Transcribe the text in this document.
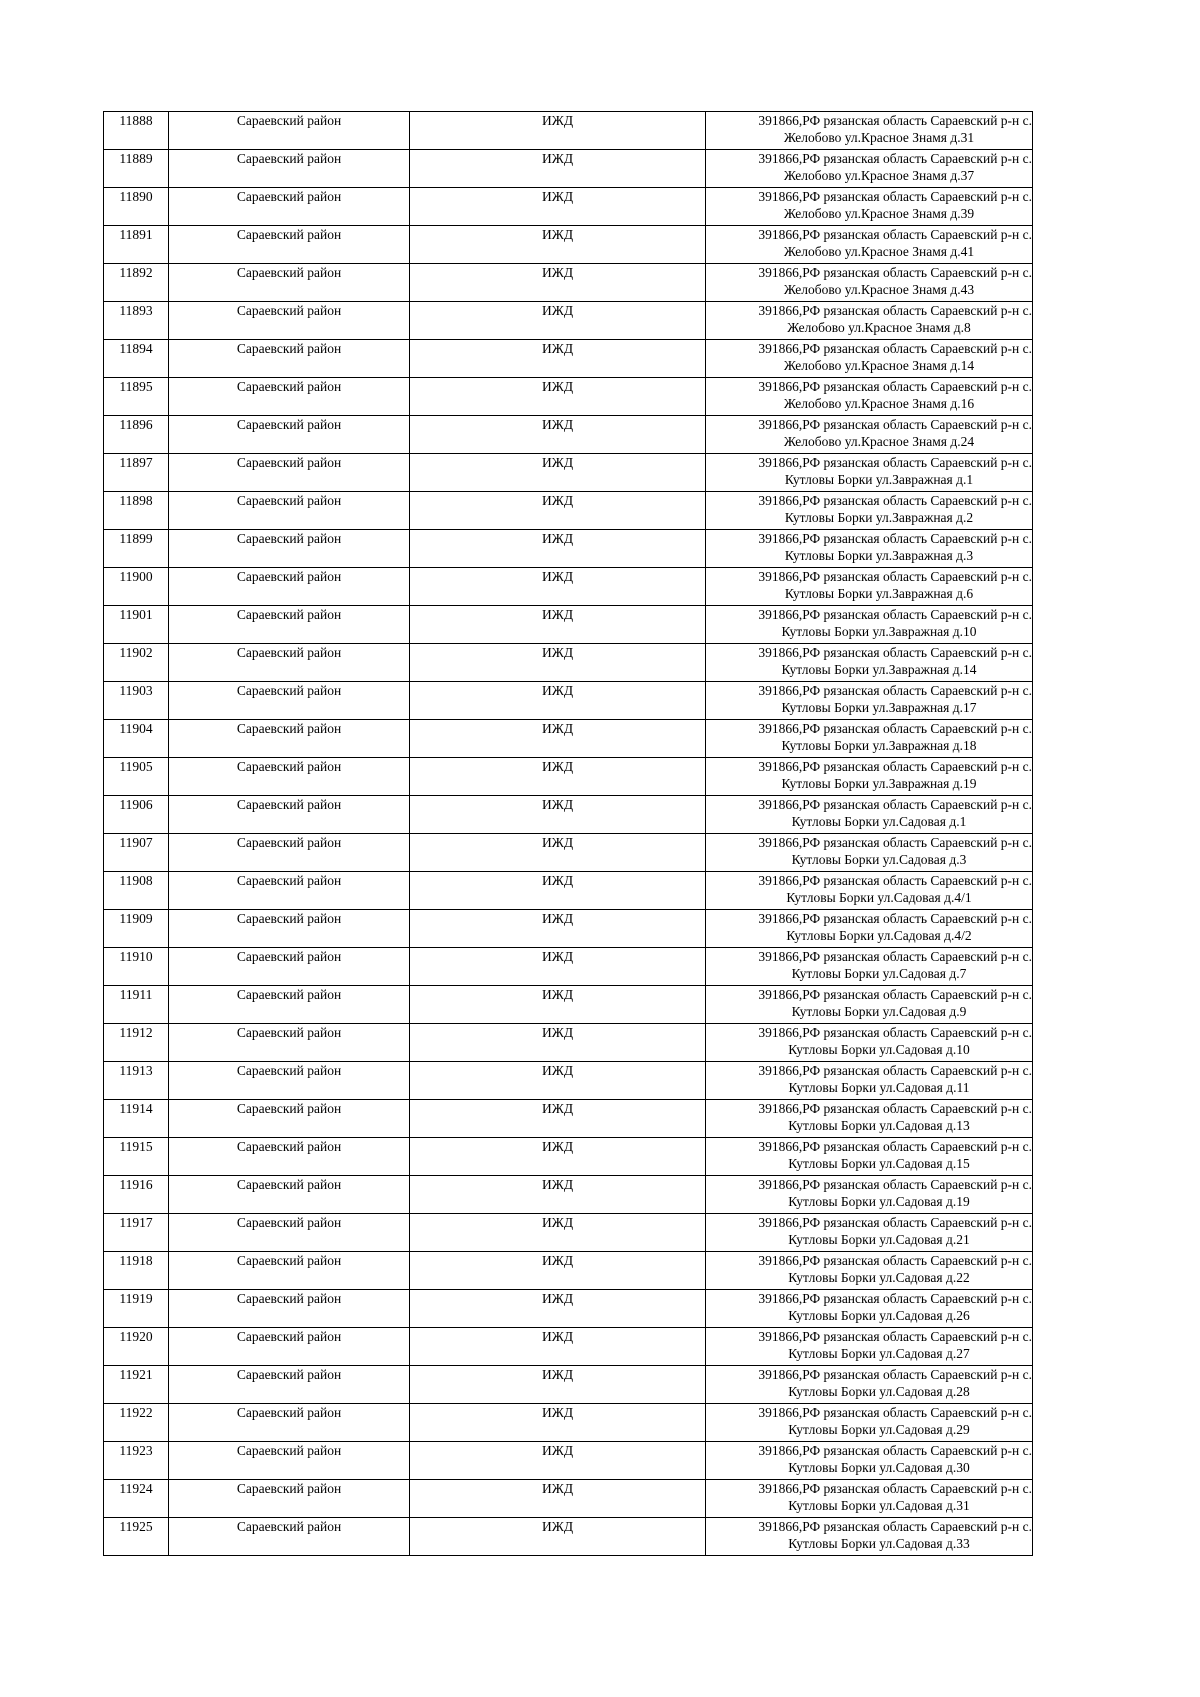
11888	Сараевский район	ИЖД	391866,РФ рязанская область Сараевский р-н с.
Желобово ул.Красное Знамя д.31

11889	Сараевский район	ИЖД	391866,РФ рязанская область Сараевский р-н с.
Желобово ул.Красное Знамя д.37

11890	Сараевский район	ИЖД	391866,РФ рязанская область Сараевский р-н с.
Желобово ул.Красное Знамя д.39

11891	Сараевский район	ИЖД	391866,РФ рязанская область Сараевский р-н с.
Желобово ул.Красное Знамя д.41

11892	Сараевский район	ИЖД	391866,РФ рязанская область Сараевский р-н с.
Желобово ул.Красное Знамя д.43

11893	Сараевский район	ИЖД	391866,РФ рязанская область Сараевский р-н с.
Желобово ул.Красное Знамя д.8

11894	Сараевский район	ИЖД	391866,РФ рязанская область Сараевский р-н с.
Желобово ул.Красное Знамя д.14

11895	Сараевский район	ИЖД	391866,РФ рязанская область Сараевский р-н с.
Желобово ул.Красное Знамя д.16

11896	Сараевский район	ИЖД	391866,РФ рязанская область Сараевский р-н с.
Желобово ул.Красное Знамя д.24

11897	Сараевский район	ИЖД	391866,РФ рязанская область Сараевский р-н с.
Кутловы Борки ул.Завражная д.1

11898	Сараевский район	ИЖД	391866,РФ рязанская область Сараевский р-н с.
Кутловы Борки ул.Завражная д.2

11899	Сараевский район	ИЖД	391866,РФ рязанская область Сараевский р-н с.
Кутловы Борки ул.Завражная д.3

11900	Сараевский район	ИЖД	391866,РФ рязанская область Сараевский р-н с.
Кутловы Борки ул.Завражная д.6

11901	Сараевский район	ИЖД	391866,РФ рязанская область Сараевский р-н с.
Кутловы Борки ул.Завражная д.10

11902	Сараевский район	ИЖД	391866,РФ рязанская область Сараевский р-н с.
Кутловы Борки ул.Завражная д.14

11903	Сараевский район	ИЖД	391866,РФ рязанская область Сараевский р-н с.
Кутловы Борки ул.Завражная д.17

11904	Сараевский район	ИЖД	391866,РФ рязанская область Сараевский р-н с.
Кутловы Борки ул.Завражная д.18

11905	Сараевский район	ИЖД	391866,РФ рязанская область Сараевский р-н с.
Кутловы Борки ул.Завражная д.19

11906	Сараевский район	ИЖД	391866,РФ рязанская область Сараевский р-н с.
Кутловы Борки ул.Садовая д.1

11907	Сараевский район	ИЖД	391866,РФ рязанская область Сараевский р-н с.
Кутловы Борки ул.Садовая д.3

11908	Сараевский район	ИЖД	391866,РФ рязанская область Сараевский р-н с.
Кутловы Борки ул.Садовая д.4/1

11909	Сараевский район	ИЖД	391866,РФ рязанская область Сараевский р-н с.
Кутловы Борки ул.Садовая д.4/2

11910	Сараевский район	ИЖД	391866,РФ рязанская область Сараевский р-н с.
Кутловы Борки ул.Садовая д.7

11911	Сараевский район	ИЖД	391866,РФ рязанская область Сараевский р-н с.
Кутловы Борки ул.Садовая д.9

11912	Сараевский район	ИЖД	391866,РФ рязанская область Сараевский р-н с.
Кутловы Борки ул.Садовая д.10

11913	Сараевский район	ИЖД	391866,РФ рязанская область Сараевский р-н с.
Кутловы Борки ул.Садовая д.11

11914	Сараевский район	ИЖД	391866,РФ рязанская область Сараевский р-н с.
Кутловы Борки ул.Садовая д.13

11915	Сараевский район	ИЖД	391866,РФ рязанская область Сараевский р-н с.
Кутловы Борки ул.Садовая д.15

11916	Сараевский район	ИЖД	391866,РФ рязанская область Сараевский р-н с.
Кутловы Борки ул.Садовая д.19

11917	Сараевский район	ИЖД	391866,РФ рязанская область Сараевский р-н с.
Кутловы Борки ул.Садовая д.21

11918	Сараевский район	ИЖД	391866,РФ рязанская область Сараевский р-н с.
Кутловы Борки ул.Садовая д.22

11919	Сараевский район	ИЖД	391866,РФ рязанская область Сараевский р-н с.
Кутловы Борки ул.Садовая д.26

11920	Сараевский район	ИЖД	391866,РФ рязанская область Сараевский р-н с.
Кутловы Борки ул.Садовая д.27

11921	Сараевский район	ИЖД	391866,РФ рязанская область Сараевский р-н с.
Кутловы Борки ул.Садовая д.28

11922	Сараевский район	ИЖД	391866,РФ рязанская область Сараевский р-н с.
Кутловы Борки ул.Садовая д.29

11923	Сараевский район	ИЖД	391866,РФ рязанская область Сараевский р-н с.
Кутловы Борки ул.Садовая д.30

11924	Сараевский район	ИЖД	391866,РФ рязанская область Сараевский р-н с.
Кутловы Борки ул.Садовая д.31

11925	Сараевский район	ИЖД	391866,РФ рязанская область Сараевский р-н с.
Кутловы Борки ул.Садовая д.33
